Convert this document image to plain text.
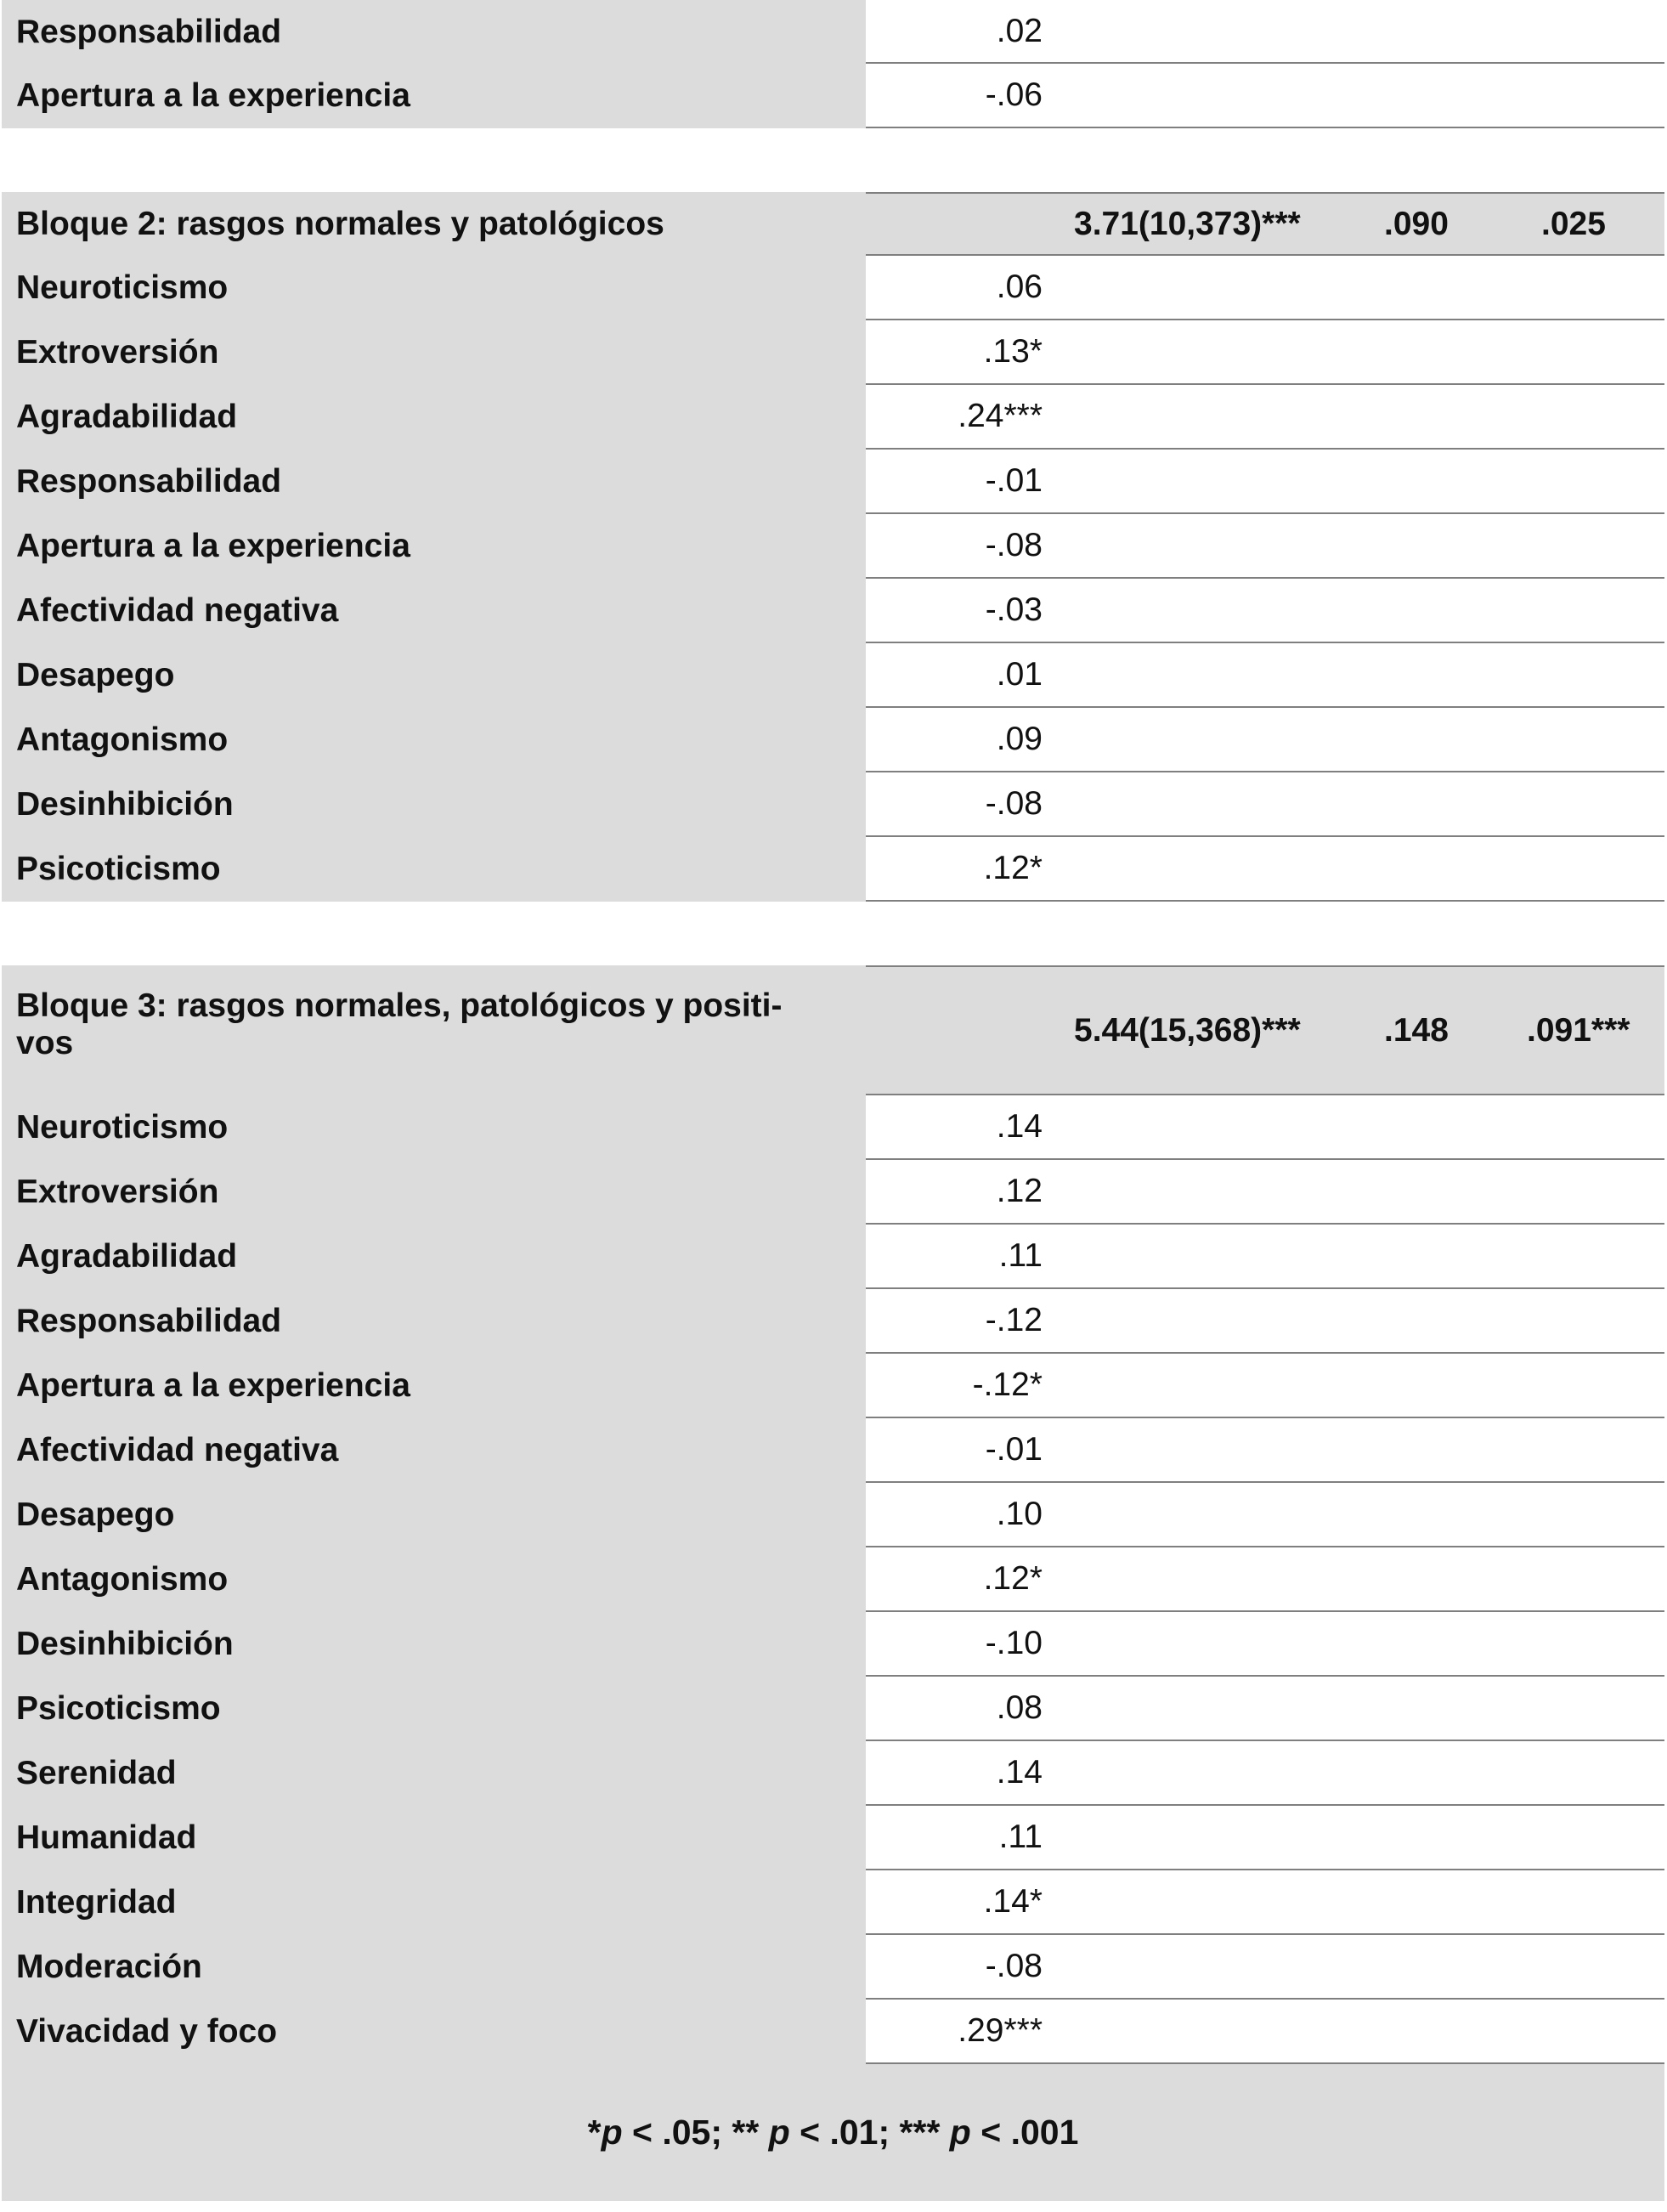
Responsabilidad	.02
Apertura a la experiencia	-.06
Bloque 2: rasgos normales y patológicos	3.71(10,373)***	.090	.025
Neuroticismo	.06
Extroversión	.13*
Agradabilidad	.24***
Responsabilidad	-.01
Apertura a la experiencia	-.08
Afectividad negativa	-.03
Desapego	.01
Antagonismo	.09
Desinhibición	-.08
Psicoticismo	.12*
Bloque 3: rasgos normales, patológicos y positi-
vos	5.44(15,368)***	.148 .091***
Neuroticismo	.14
Extroversión	.12
Agradabilidad	.11
Responsabilidad	-.12
Apertura a la experiencia	-.12*
Afectividad negativa	-.01
Desapego	.10
Antagonismo	.12*
Desinhibición	-.10
Psicoticismo	.08
Serenidad	.14
Humanidad	.11
Integridad	.14*
Moderación	-.08
Vivacidad y foco	.29***
* p < .05; ** p < .01; *** p < .001
